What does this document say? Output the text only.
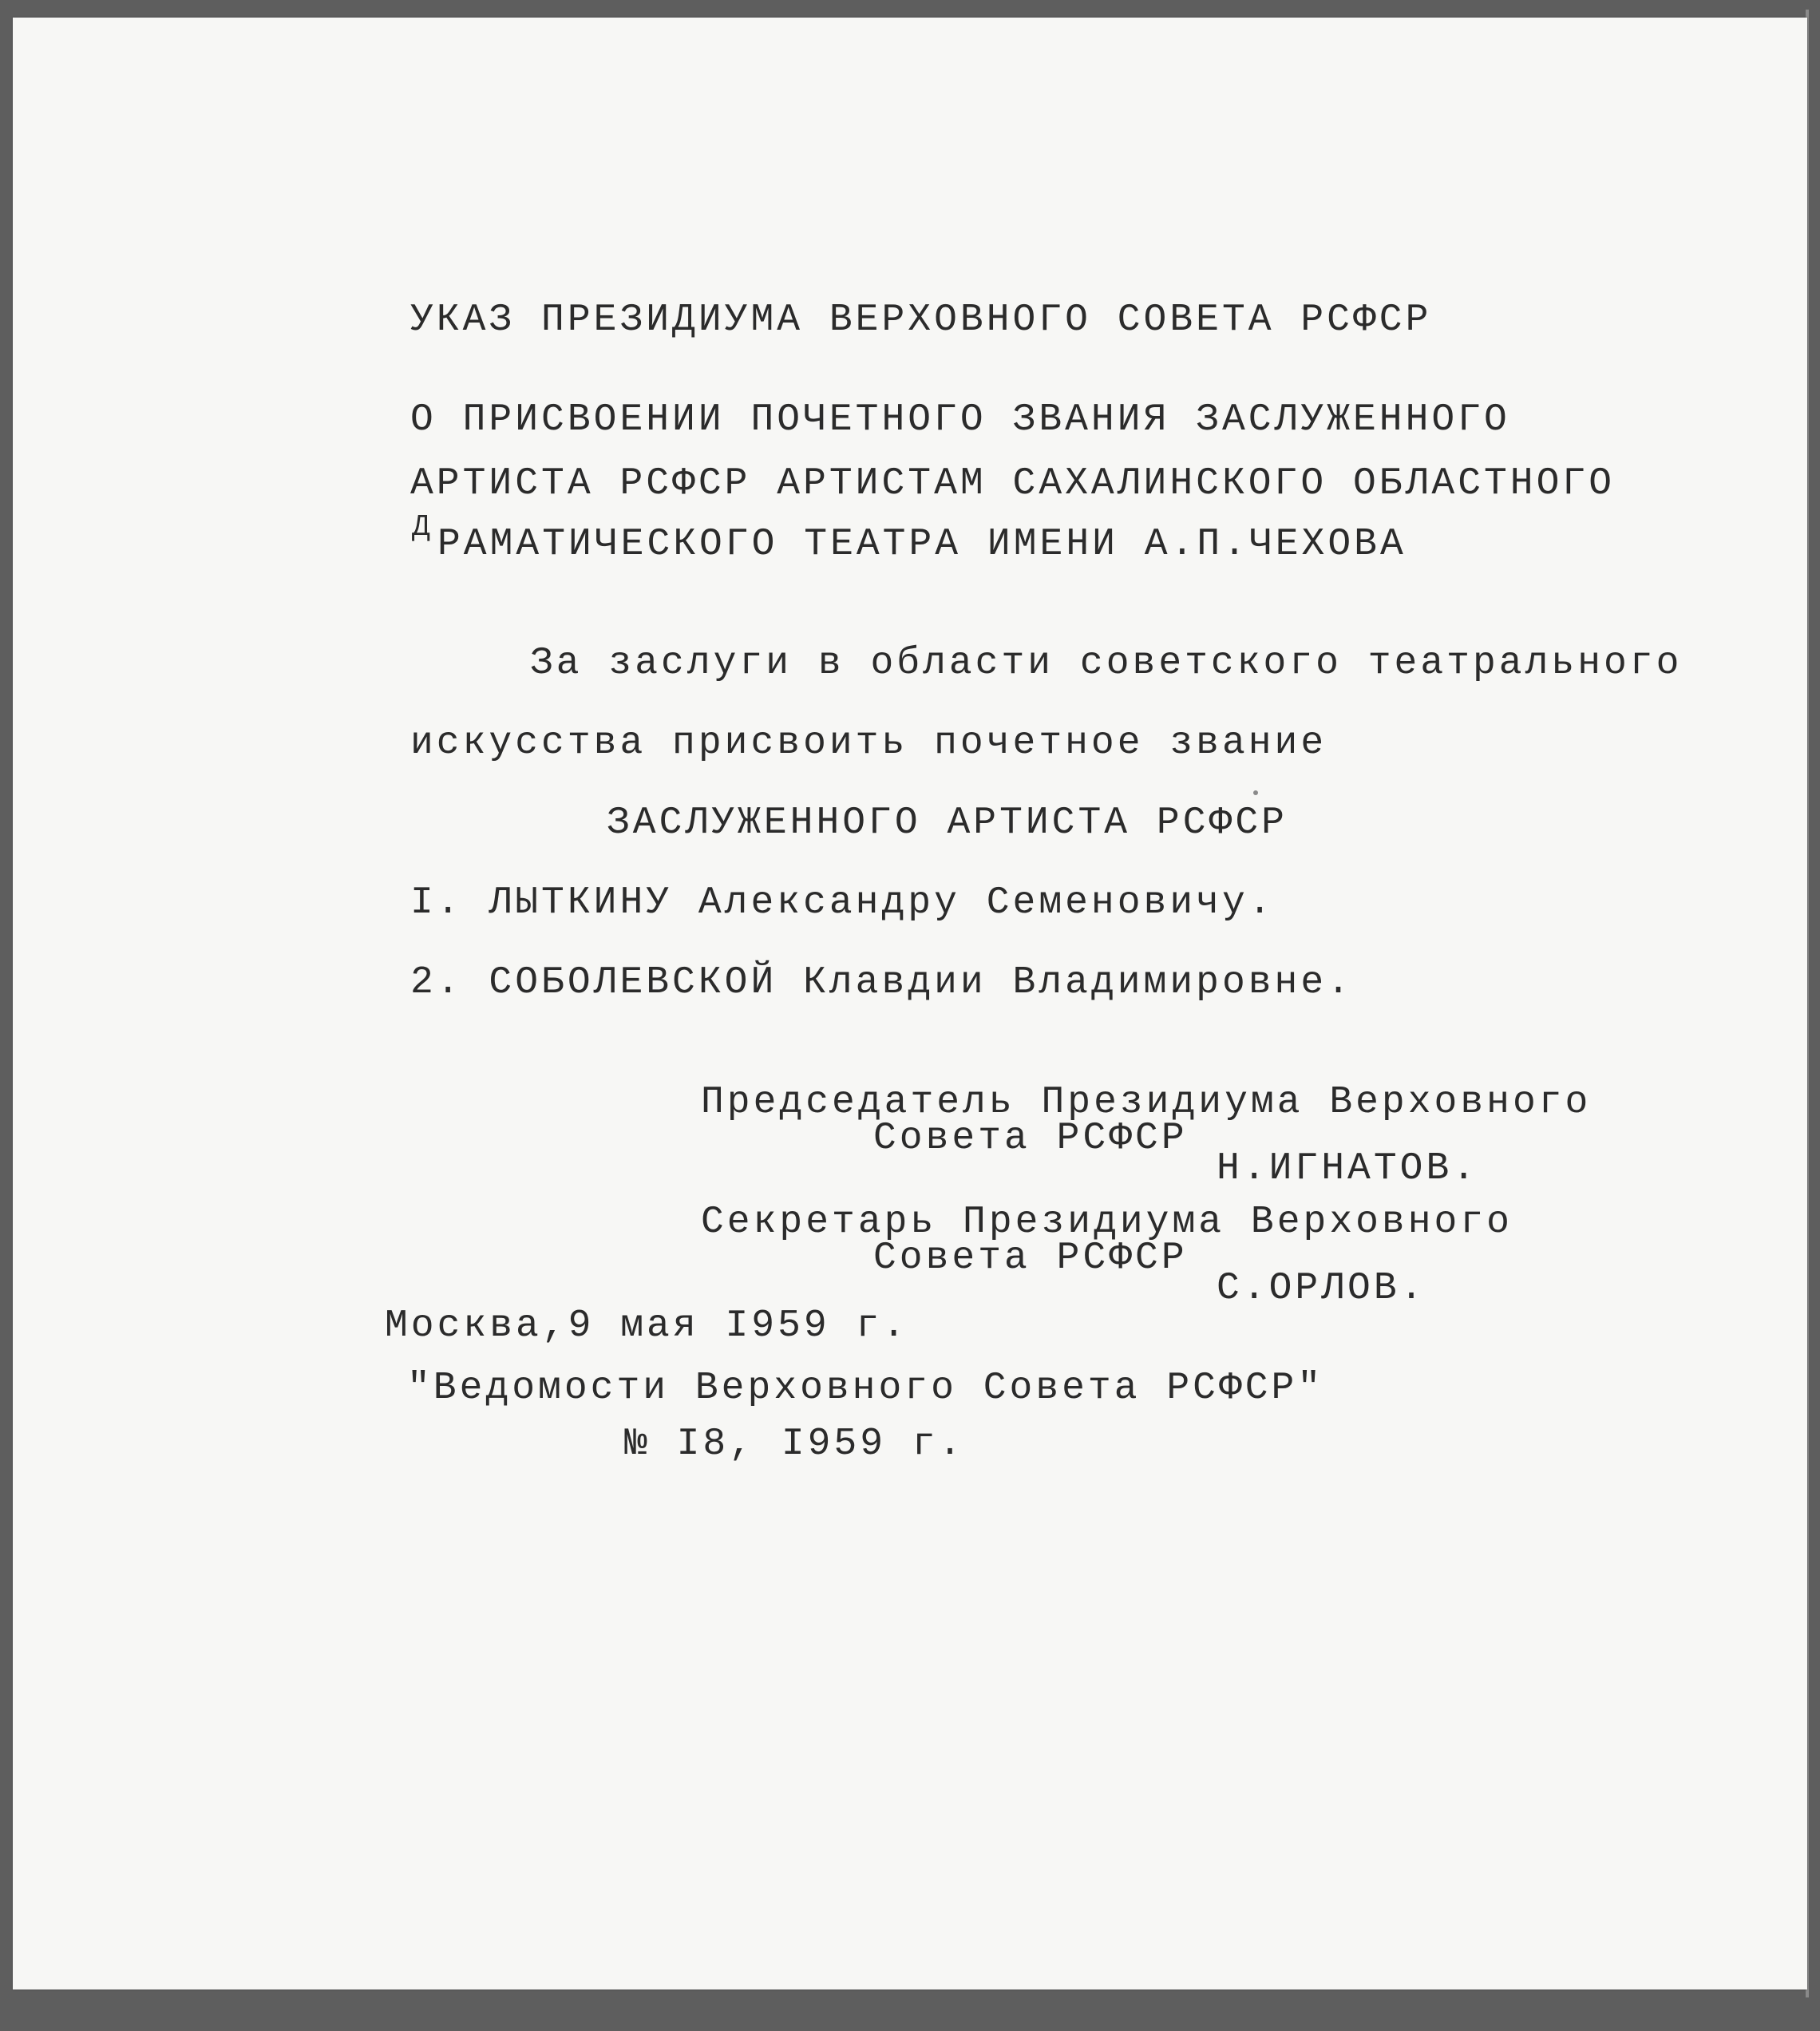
УКАЗ ПРЕЗИДИУМА ВЕРХОВНОГО СОВЕТА РСФСР
О ПРИСВОЕНИИ ПОЧЕТНОГО ЗВАНИЯ ЗАСЛУЖЕННОГО
АРТИСТА РСФСР АРТИСТАМ САХАЛИНСКОГО ОБЛАСТНОГО
Д РАМАТИЧЕСКОГО ТЕАТРА ИМЕНИ А.П.ЧЕХОВА
За заслуги в области советского театрального
искусства присвоить почетное звание
ЗАСЛУЖЕННОГО АРТИСТА РСФСР
I. ЛЫТКИНУ Александру Семеновичу.
2. СОБОЛЕВСКОЙ Клавдии Владимировне.
Председатель Президиума Верховного
Совета РСФСР
Н.ИГНАТОВ.
Секретарь Президиума Верховного
Совета РСФСР
С.ОРЛОВ.
Москва,9 мая I959 г.
"Ведомости Верховного Совета РСФСР"
№ I8, I959 г.
